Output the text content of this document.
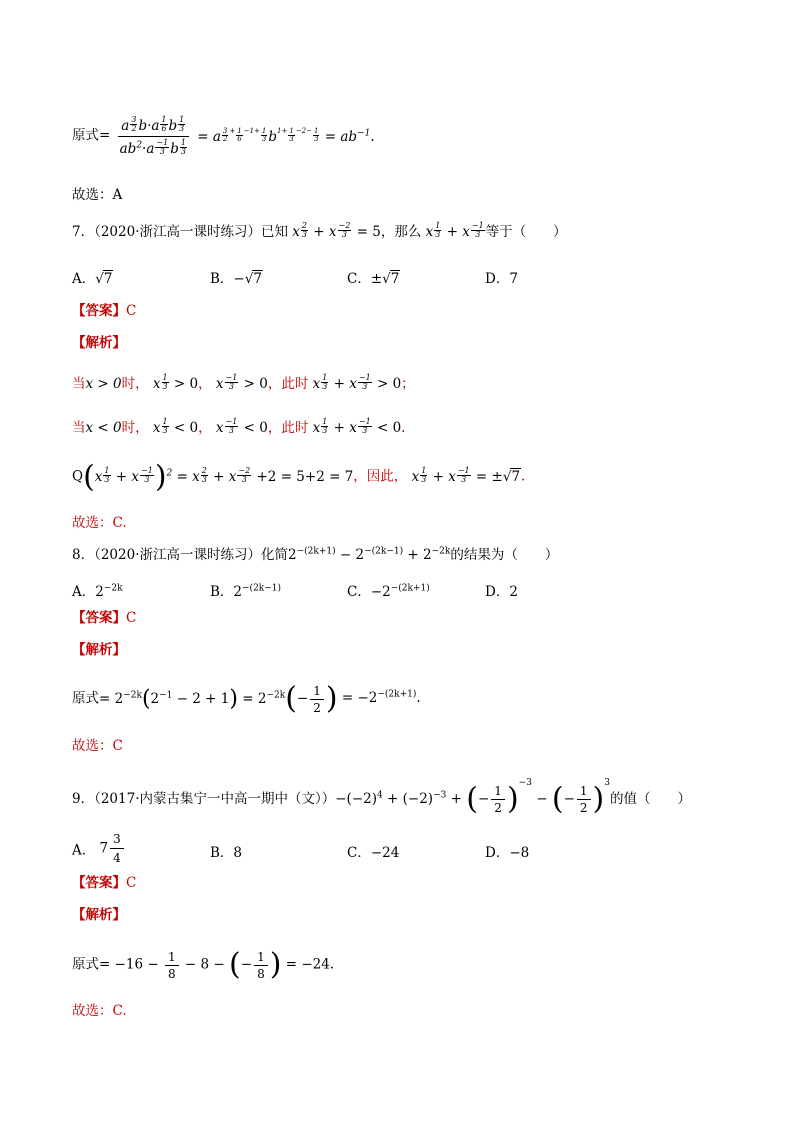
原式= $\frac{a \frac{3}{2} b\cdot a \frac{1}{6} b \frac{1}{3}}{ab^2\cdot a \frac{-1}{3} b \frac{1}{3}} = a \frac{3}{2} ^+ \frac{1}{6} ^{-1+} \frac{1}{3} b^{1+} \frac{1}{3} ^{-2-} \frac{1}{3} = ab^{-1}$.
故选：A
7．（2020·浙江高一课时练习）已知 x $\frac{2}{3} + x \frac{-2}{3} = 5$，那么 x $\frac{1}{3} + x \frac{-1}{3}$ 等于（　　）
A．√7	B．−√7	C．±√7	D．7
【答案】C
【解析】
当x > 0时， x $\frac{1}{3} > 0$， x $\frac{-1}{3} > 0$，此时 x $\frac{1}{3} + x \frac{-1}{3} > 0$；
当x < 0时， x $\frac{1}{3} < 0$， x $\frac{-1}{3} < 0$，此时 x $\frac{1}{3} + x \frac{-1}{3} < 0$.
$Q(x \frac{1}{3} + x \frac{-1}{3} )^2 = x \frac{2}{3} + x \frac{-2}{3} +2 = 5+2 = 7$，因此， x $\frac{1}{3} + x \frac{-1}{3} = \pm√7$.
故选：C.
8．（2020·浙江高一课时练习）化简$2^{-(2k+1)} - 2^{-(2k-1)} + 2^{-2k}$的结果为（　　）
A．$2^{-2k}$	B．$2^{-(2k-1)}$	C．$-2^{-(2k+1)}$	D．2
【答案】C
【解析】
原式= $2^{-2k}(2^{-1} - 2 + 1) = 2^{-2k}(- \frac{1}{2}$ ) = $-2^{-(2k+1)}$.
故选：C
9．（2017·内蒙古集宁一中高一期中（文））$-(-2)^4 + (-2)^{-3}$ + (− $\frac{1}{2} )^{-3}$ − (− $\frac{1}{2} )^3$的值（　　）
A． $7 \frac{3}{4}$	B．8	C．−24	D．−8
【答案】C
【解析】
原式= $-16 - \frac{1}{8} - 8$ − (− $\frac{1}{8}$ ) = −24.
故选：C.
